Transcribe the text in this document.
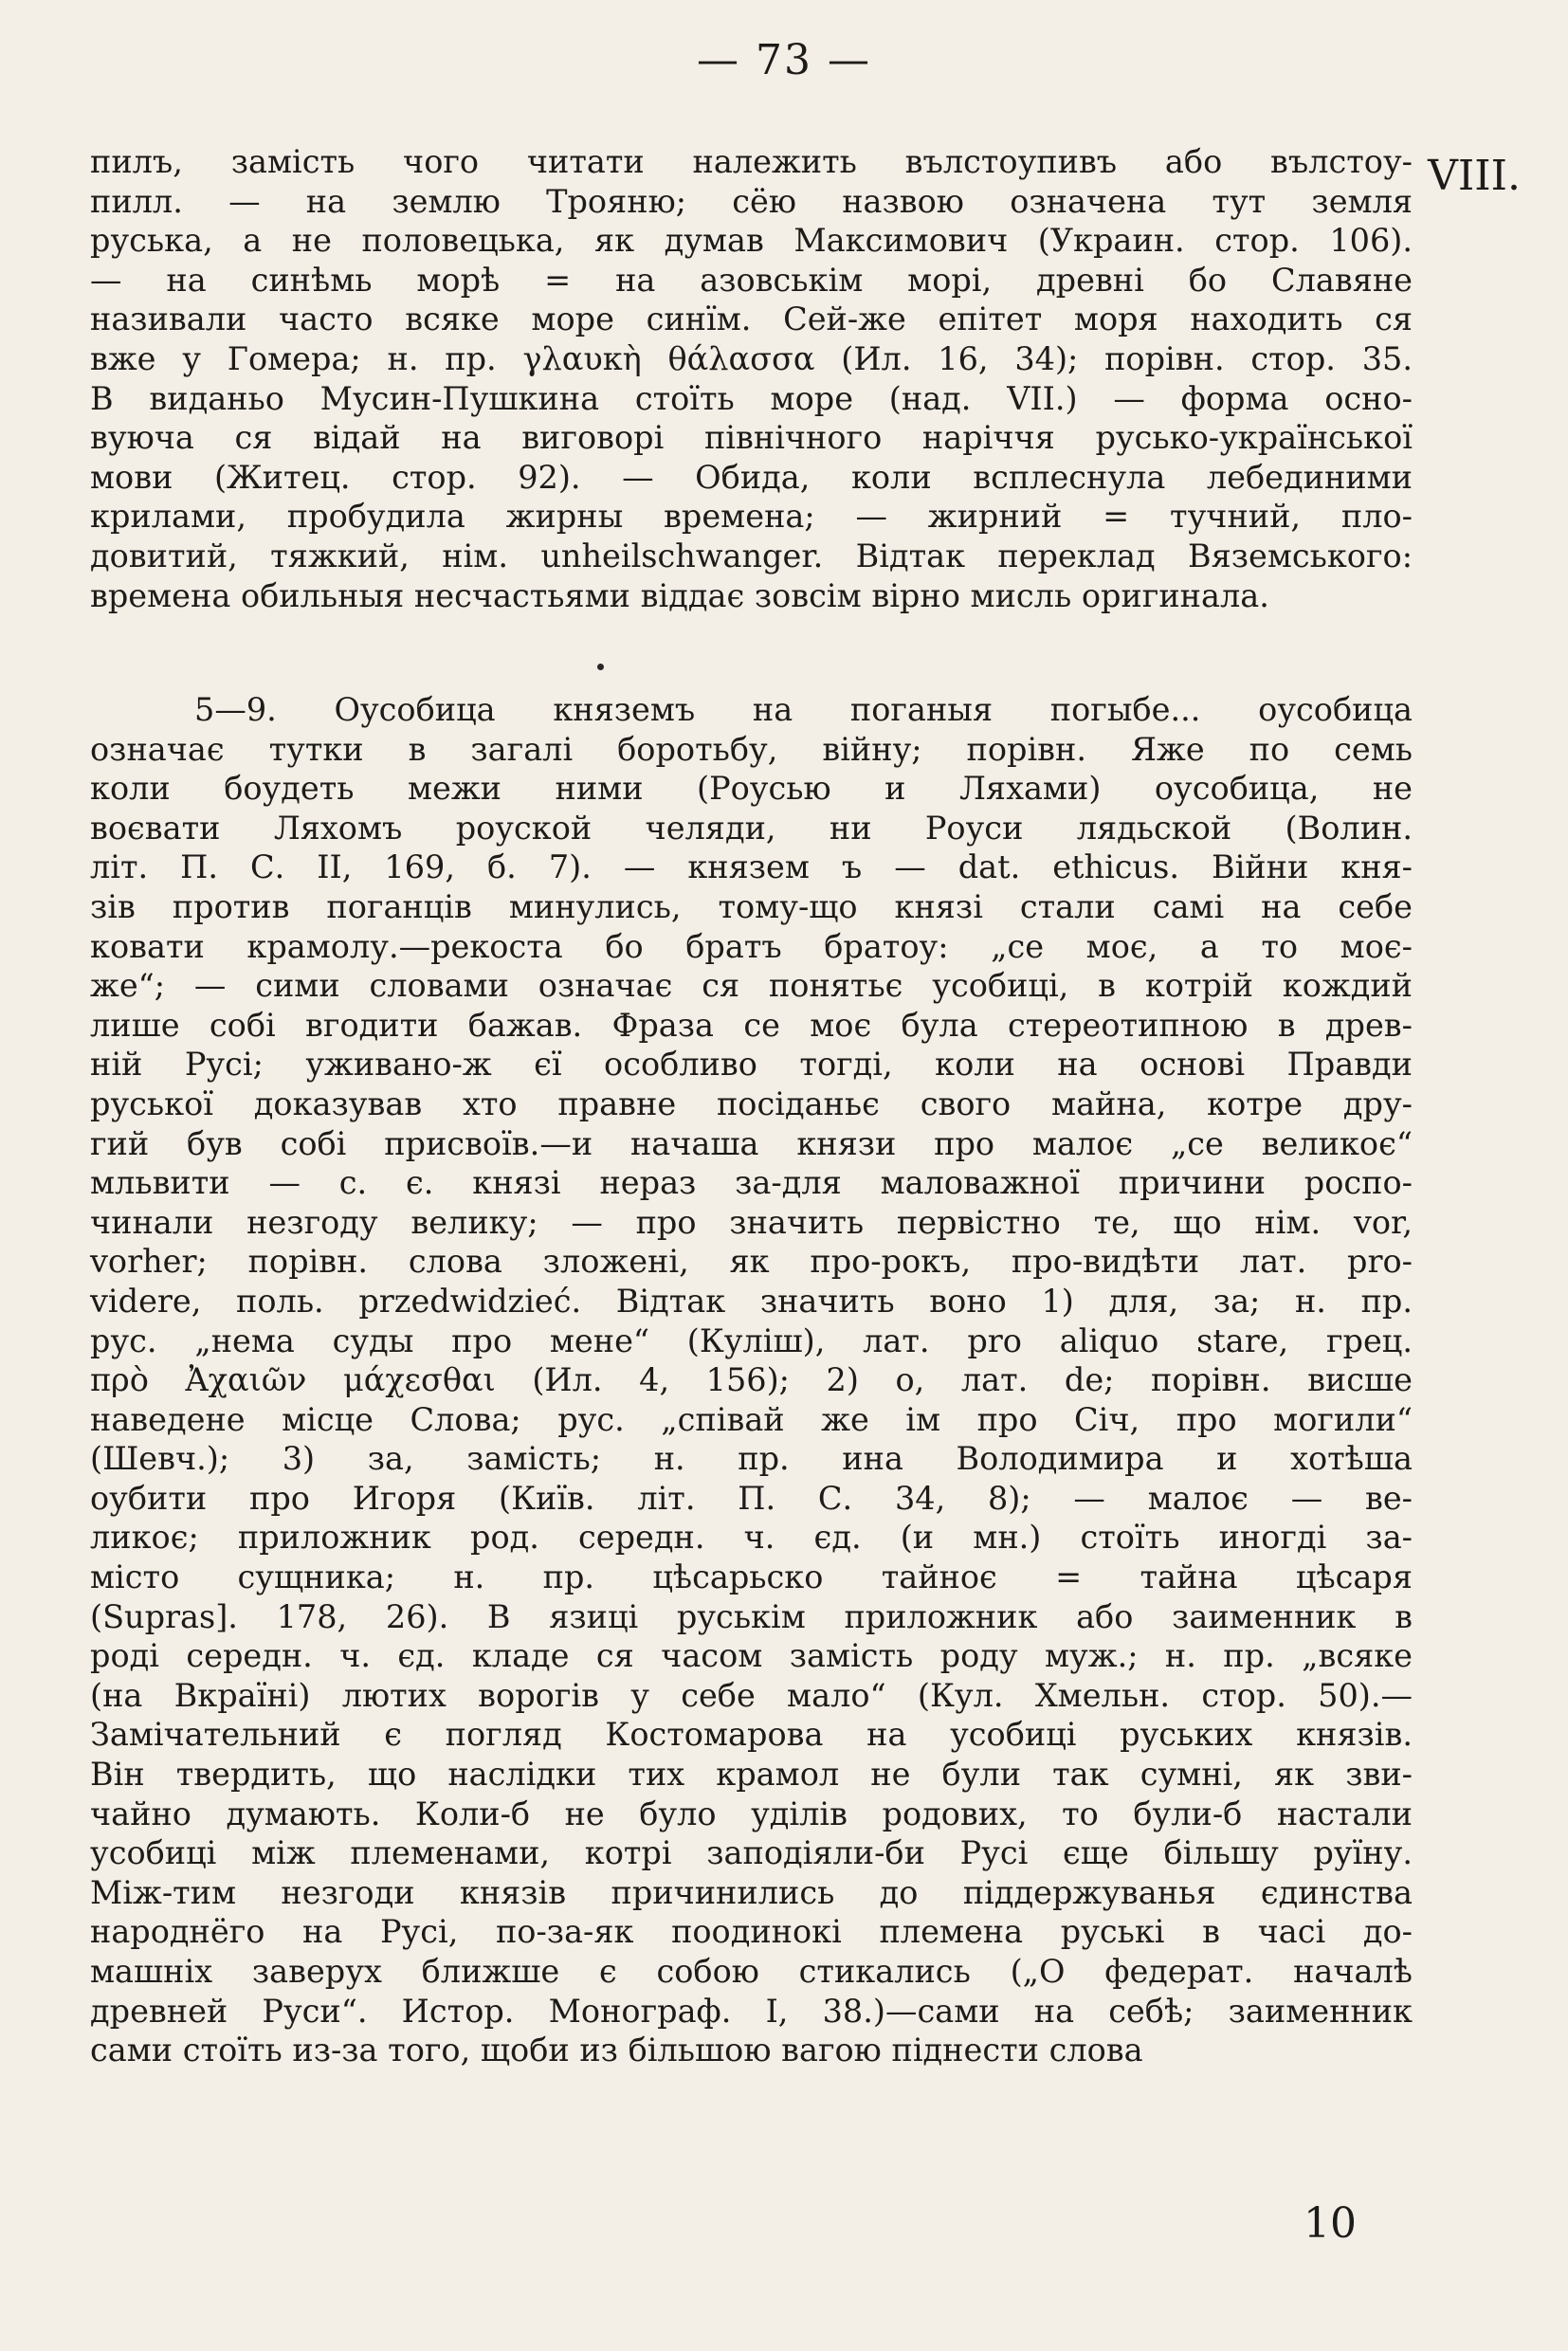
— 73 —
VIII.
пилъ, замість чого читати належить вълстоупивъ або вълстоу-
пилл. — на землю Трояню; сёю назвою означена тут земля
руська, а не половецька, як думав Максимович (Украин. стор. 106).
— на синѣмь морѣ = на азовськім морі, древні бо Славяне
називали часто всяке море синїм. Сей-же епітет моря находить ся
вже у Гомера; н. пр. γλαυκὴ θάλασσα (Ил. 16, 34); порівн. стор. 35.
В виданьо Мусин-Пушкина стоїть море (над. VII.) — форма осно-
вуюча ся відай на виговорі північного наріччя русько-української
мови (Житец. стор. 92). — Обида, коли всплеснула лебединими
крилами, пробудила жирны времена; — жирний = тучний, пло-
довитий, тяжкий, нім. unheilschwanger. Відтак переклад Вяземського:
времена обильныя несчастьями віддає зовсім вірно мисль оригинала.
5—9. Оусобица княземъ на поганыя погыбе... оусобица
означає тутки в загалі боротьбу, війну; порівн. Яже по семь
коли боудеть межи ними (Роусью и Ляхами) оусобица, не
воєвати Ляхомъ роуской челяди, ни Роуси лядьской (Волин.
літ. П. С. II, 169, б. 7). — князем ъ — dat. ethicus. Війни кня-
зів против поганців минулись, тому-що князі стали самі на себе
ковати крамолу.—рекоста бо братъ братоу: „се моє, а то моє-
же“; — сими словами означає ся понятьє усобиці, в котрій кождий
лише собі вгодити бажав. Фраза се моє була стереотипною в древ-
ній Русі; уживано-ж єї особливо тогді, коли на основі Правди
руської доказував хто правне посіданьє свого майна, котре дру-
гий був собі присвоїв.—и начаша князи про малоє „се великоє“
мльвити — с. є. князі нераз за-для маловажної причини роспо-
чинали незгоду велику; — про значить первістно те, що нім. vor,
vorher; порівн. слова зложені, як про-рокъ, про-видѣти лат. pro-
videre, поль. przedwidzieć. Відтак значить воно 1) для, за; н. пр.
рус. „нема суды про мене“ (Куліш), лат. pro aliquo stare, грец.
πρὸ Ἀχαιῶν μάχεσθαι (Ил. 4, 156); 2) о, лат. de; порівн. висше
наведене місце Слова; рус. „співай же ім про Січ, про могили“
(Шевч.); 3) за, замість; н. пр. ина Володимира и хотѣша
оубити про Игоря (Київ. літ. П. С. 34, 8); — малоє — ве-
ликоє; приложник род. середн. ч. єд. (и мн.) стоїть иногді за-
місто сущника; н. пр. цѣсарьско тайноє = тайна цѣсаря
(Supras]. 178, 26). В язиці руськім приложник або заименник в
роді середн. ч. єд. кладе ся часом замість роду муж.; н. пр. „всяке
(на Вкраїні) лютих ворогів у себе мало“ (Кул. Хмельн. стор. 50).—
Замічательний є погляд Костомарова на усобиці руських князів.
Він твердить, що наслідки тих крамол не були так сумні, як зви-
чайно думають. Коли-б не було уділів родових, то були-б настали
усобиці між племенами, котрі заподіяли-би Русі єще більшу руїну.
Між-тим незгоди князів причинились до піддержуванья єдинства
народнёго на Русі, по-за-як поодинокі племена руські в часі до-
машніх заверух ближше є собою стикались („О федерат. началѣ
древней Руси“. Истор. Монограф. I, 38.)—сами на себѣ; заименник
сами стоїть из-за того, щоби из більшою вагою піднести слова
10
